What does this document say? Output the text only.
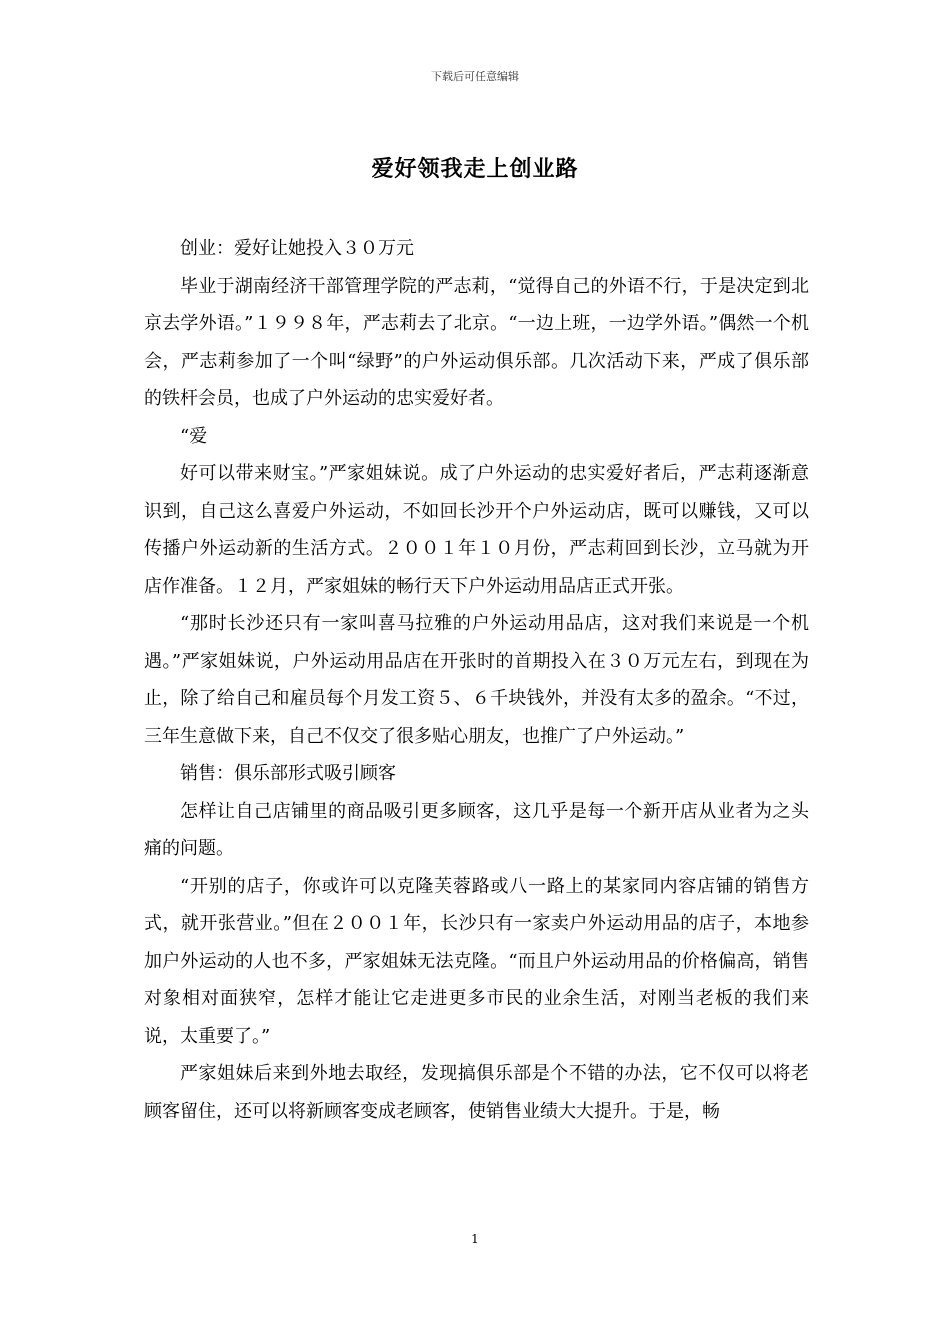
下载后可任意编辑
爱好领我走上创业路

创业：爱好让她投入３０万元

毕业于湖南经济干部管理学院的严志莉，“觉得自己的外语不行，于是决定到北京去学外语。”１９９８年，严志莉去了北京。“一边上班，一边学外语。”偶然一个机会，严志莉参加了一个叫“绿野”的户外运动俱乐部。几次活动下来，严成了俱乐部的铁杆会员，也成了户外运动的忠实爱好者。

“爱

好可以带来财宝。”严家姐妹说。成了户外运动的忠实爱好者后，严志莉逐渐意识到，自己这么喜爱户外运动，不如回长沙开个户外运动店，既可以赚钱，又可以传播户外运动新的生活方式。２００１年１０月份，严志莉回到长沙，立马就为开店作准备。１２月，严家姐妹的畅行天下户外运动用品店正式开张。

“那时长沙还只有一家叫喜马拉雅的户外运动用品店，这对我们来说是一个机遇。”严家姐妹说，户外运动用品店在开张时的首期投入在３０万元左右，到现在为止，除了给自己和雇员每个月发工资５、６千块钱外，并没有太多的盈余。“不过，三年生意做下来，自己不仅交了很多贴心朋友，也推广了户外运动。”

销售：俱乐部形式吸引顾客

怎样让自己店铺里的商品吸引更多顾客，这几乎是每一个新开店从业者为之头痛的问题。

“开别的店子，你或许可以克隆芙蓉路或八一路上的某家同内容店铺的销售方式，就开张营业。”但在２００１年，长沙只有一家卖户外运动用品的店子，本地参加户外运动的人也不多，严家姐妹无法克隆。“而且户外运动用品的价格偏高，销售对象相对面狭窄，怎样才能让它走进更多市民的业余生活，对刚当老板的我们来说，太重要了。”

严家姐妹后来到外地去取经，发现搞俱乐部是个不错的办法，它不仅可以将老顾客留住，还可以将新顾客变成老顾客，使销售业绩大大提升。于是，畅

1
